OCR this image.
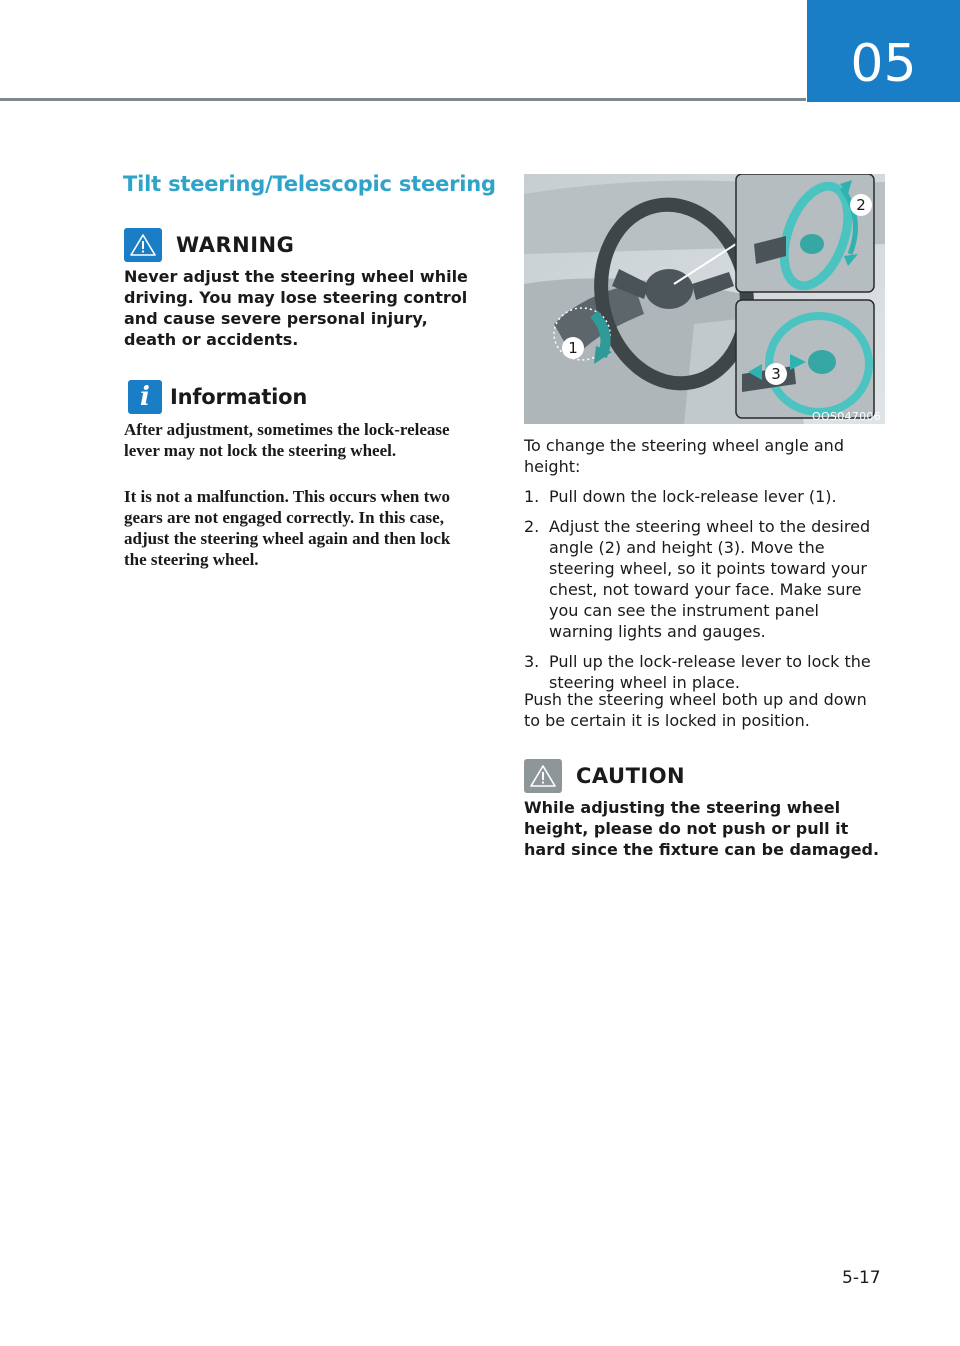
05
Tilt steering/Telescopic steering
WARNING
Never adjust the steering wheel while driving. You may lose steering control and cause severe personal injury, death or accidents.
i Information
After adjustment, sometimes the lock-release lever may not lock the steering wheel.
It is not a malfunction. This occurs when two gears are not engaged correctly. In this case, adjust the steering wheel again and then lock the steering wheel.
1
2
3
OOS047006
To change the steering wheel angle and height:
1. Pull down the lock-release lever (1).
2. Adjust the steering wheel to the desired angle (2) and height (3). Move the steering wheel, so it points toward your chest, not toward your face. Make sure you can see the instrument panel warning lights and gauges.
3. Pull up the lock-release lever to lock the steering wheel in place.
Push the steering wheel both up and down to be certain it is locked in position.
CAUTION
While adjusting the steering wheel height, please do not push or pull it hard since the fixture can be damaged.
5-17
